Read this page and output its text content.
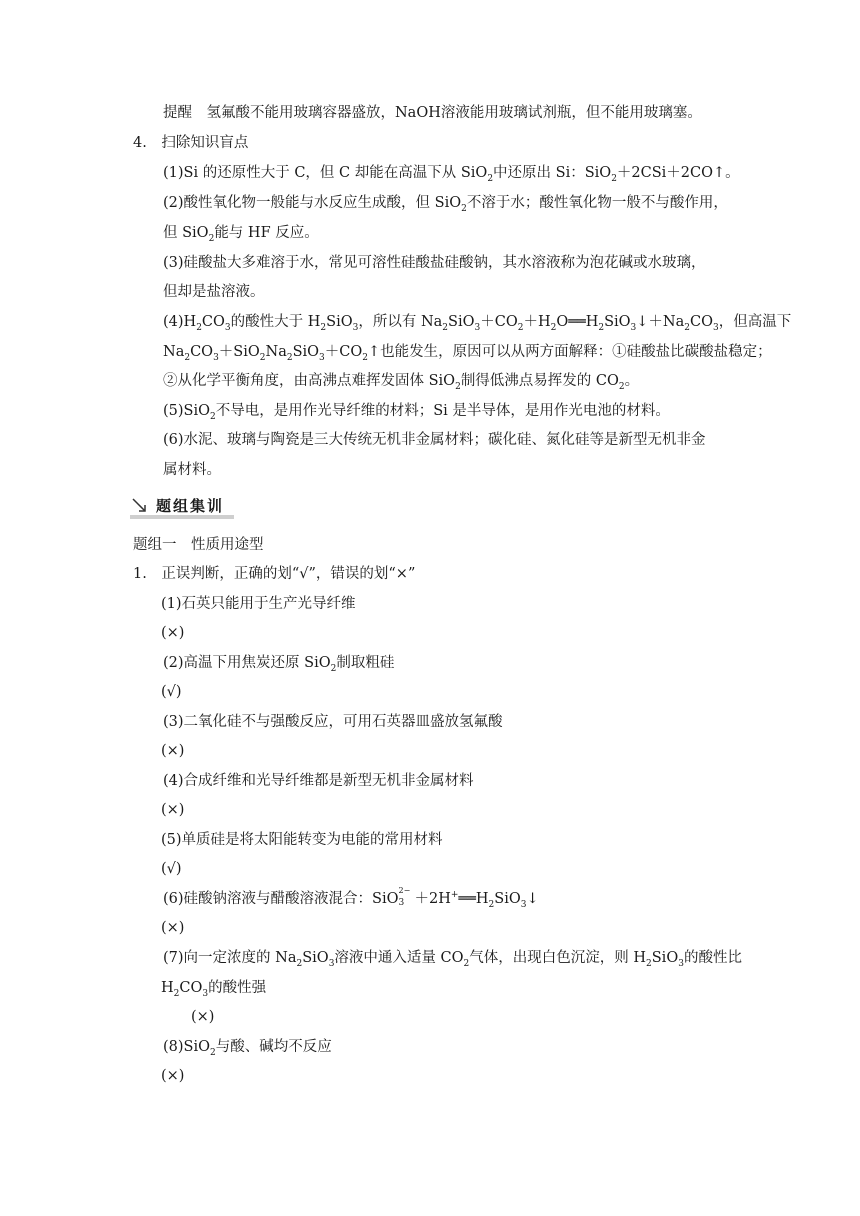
提醒　氢氟酸不能用玻璃容器盛放，NaOH溶液能用玻璃试剂瓶，但不能用玻璃塞。
4.　扫除知识盲点
(1)Si 的还原性大于 C，但 C 却能在高温下从 SiO$_2$中还原出 Si：SiO$_2$＋2CSi＋2CO↑。
(2)酸性氧化物一般能与水反应生成酸，但 SiO$_2$不溶于水；酸性氧化物一般不与酸作用，
但 SiO$_2$能与 HF 反应。
(3)硅酸盐大多难溶于水，常见可溶性硅酸盐硅酸钠，其水溶液称为泡花碱或水玻璃，
但却是盐溶液。
$(4)H_2CO_3$的酸性大于 $H_2SiO_3$，所以有 $Na_2SiO_3+CO_2+H_2O══H_2SiO_3↓+Na_2CO_3$，但高温下
$Na_2CO_3+SiO_2Na_2SiO_3+CO_2↑$也能发生，原因可以从两方面解释：①硅酸盐比碳酸盐稳定；
②从化学平衡角度，由高沸点难挥发固体 SiO$_2$制得低沸点易挥发的 $CO_2$。
(5)SiO$_2$不导电，是用作光导纤维的材料；Si 是半导体，是用作光电池的材料。
(6)水泥、玻璃与陶瓷是三大传统无机非金属材料；碳化硅、氮化硅等是新型无机非金
属材料。
题组集训
题组一　性质用途型
1.　正误判断，正确的划“√”，错误的划“×”
(1)石英只能用于生产光导纤维
(×)
(2)高温下用焦炭还原 SiO$_2$制取粗硅
(√)
(3)二氧化硅不与强酸反应，可用石英器皿盛放氢氟酸
(×)
(4)合成纤维和光导纤维都是新型无机非金属材料
(×)
(5)单质硅是将太阳能转变为电能的常用材料
(√)
(6)硅酸钠溶液与醋酸溶液混合：SiO
2−
$3 +2H^+══H_2SiO_3↓$
(×)
(7)向一定浓度的 $Na_2SiO_3$溶液中通入适量 $CO_2$气体，出现白色沉淀，则 $H_2SiO_3$的酸性比
$H_2CO_3$的酸性强
(×)
(8)SiO$_2$与酸、碱均不反应
(×)
